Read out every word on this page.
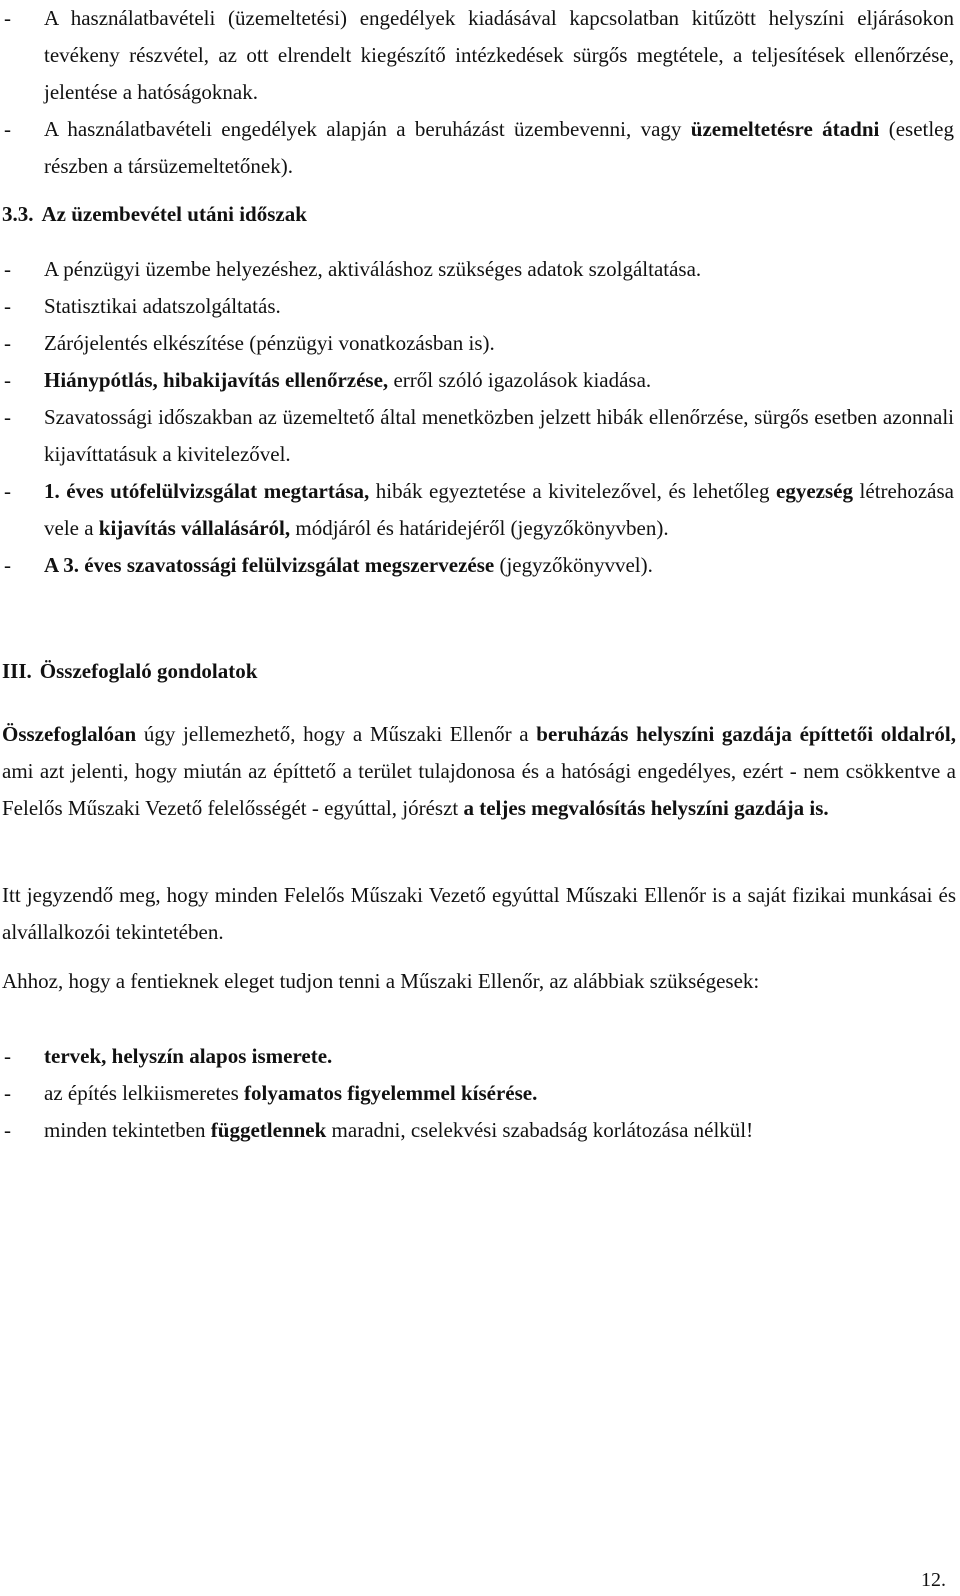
-	A használatbavételi (üzemeltetési) engedélyek kiadásával kapcsolatban kitűzött helyszíni eljárásokon tevékeny részvétel, az ott elrendelt kiegészítő intézkedések sürgős megtétele, a teljesítések ellenőrzése, jelentése a hatóságoknak.
-	A használatbavételi engedélyek alapján a beruházást üzembevenni, vagy üzemeltetésre átadni (esetleg részben a társüzemeltetőnek).
3.3. Az üzembevétel utáni időszak
-	A pénzügyi üzembe helyezéshez, aktiváláshoz szükséges adatok szolgáltatása.
-	Statisztikai adatszolgáltatás.
-	Zárójelentés elkészítése (pénzügyi vonatkozásban is).
-	Hiánypótlás, hibakijavítás ellenőrzése, erről szóló igazolások kiadása.
-	Szavatossági időszakban az üzemeltető által menetközben jelzett hibák ellenőrzése, sürgős esetben azonnali kijavíttatásuk a kivitelezővel.
-	1. éves utófelülvizsgálat megtartása, hibák egyeztetése a kivitelezővel, és lehetőleg egyezség létrehozása vele a kijavítás vállalásáról, módjáról és határidejéről (jegyzőkönyvben).
-	A 3. éves szavatossági felülvizsgálat megszervezése (jegyzőkönyvvel).
III. Összefoglaló gondolatok
Összefoglalóan úgy jellemezhető, hogy a Műszaki Ellenőr a beruházás helyszíni gazdája építtetői oldalról, ami azt jelenti, hogy miután az építtető a terület tulajdonosa és a hatósági engedélyes, ezért - nem csökkentve a Felelős Műszaki Vezető felelősségét - egyúttal, jórészt a teljes megvalósítás helyszíni gazdája is.
Itt jegyzendő meg, hogy minden Felelős Műszaki Vezető egyúttal Műszaki Ellenőr is a saját fizikai munkásai és alvállalkozói tekintetében.
Ahhoz, hogy a fentieknek eleget tudjon tenni a Műszaki Ellenőr, az alábbiak szükségesek:
-	tervek, helyszín alapos ismerete.
-	az építés lelkiismeretes folyamatos figyelemmel kísérése.
-	minden tekintetben függetlennek maradni, cselekvési szabadság korlátozása nélkül!
12.
